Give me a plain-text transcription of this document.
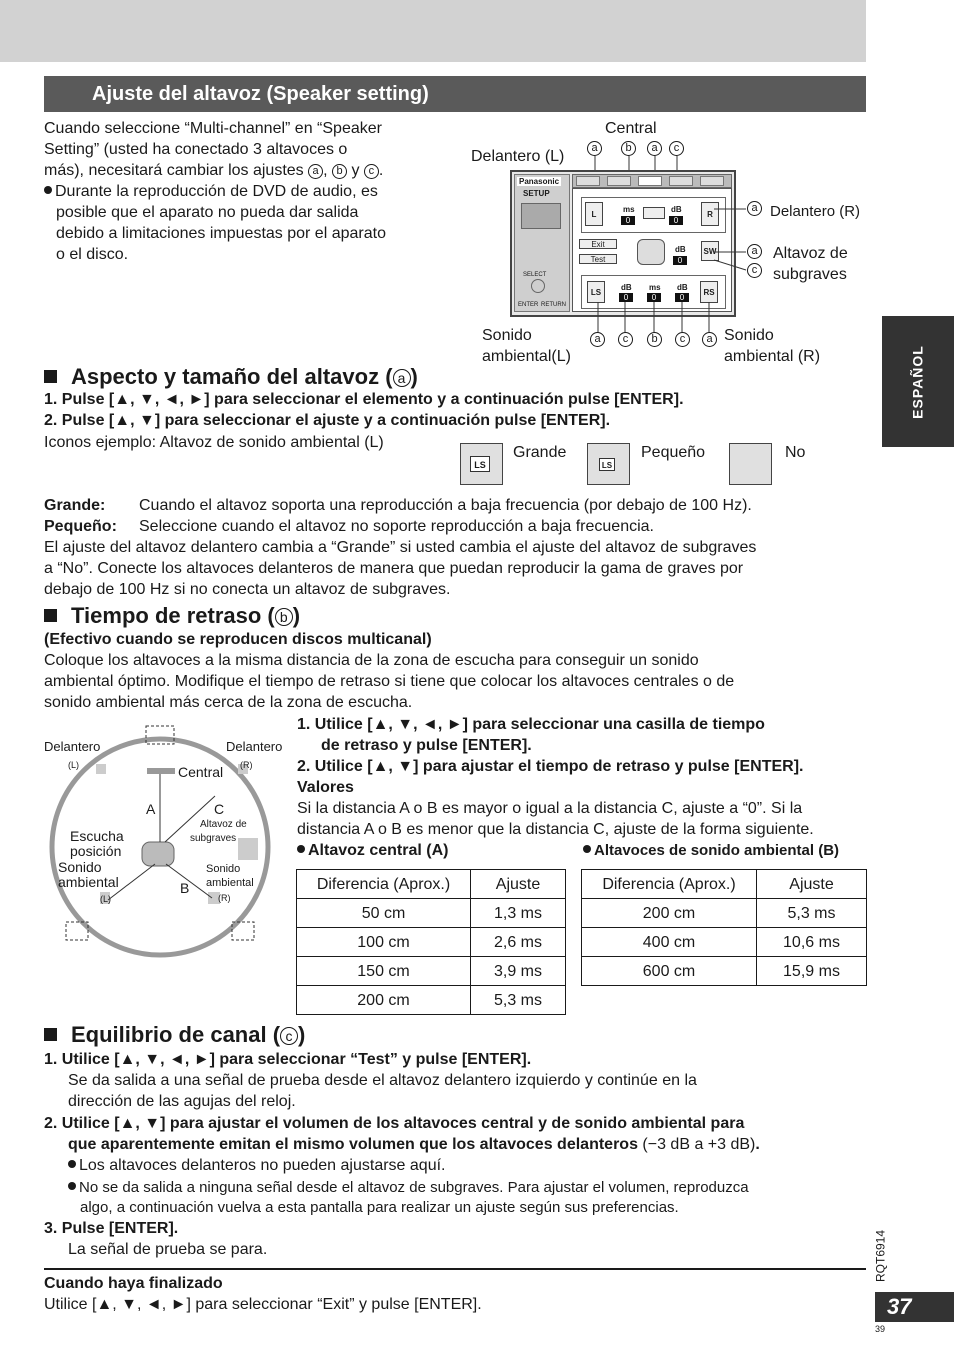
Ajuste del altavoz (Speaker setting)
ESPAÑOL
Cuando seleccione “Multi-channel” en “Speaker
Setting” (usted ha conectado 3 altavoces o
más), necesitará cambiar los ajustes a , b y c .
Durante la reproducción de DVD de audio, es
posible que el aparato no pueda dar salida
debido a limitaciones impuestas por el aparato
o el disco.
Central
Delantero (L)	a	b	a	c
Panasonic
SETUP
SELECT
ENTER RETURN
L
ms
0
dB
0
R
Exit
Test
dB
0
SW
LS
dB
0
ms
0
dB
0
RS
a Delantero (R)
a
c
Altavoz de
subgraves
Sonido
ambiental(L)
a	c	b	c	a Sonido
ambiental (R)
Aspecto y tamaño del altavoz ( a )
1. Pulse [▲, ▼, ◄, ►] para seleccionar el elemento y a continuación pulse [ENTER].
2. Pulse [▲, ▼] para seleccionar el ajuste y a continuación pulse [ENTER].
Iconos ejemplo: Altavoz de sonido ambiental (L)
LS
Grande
LS
Pequeño	No
Grande: Cuando el altavoz soporta una reproducción a baja frecuencia (por debajo de 100 Hz).
Pequeño: Seleccione cuando el altavoz no soporte reproducción a baja frecuencia.
El ajuste del altavoz delantero cambia a “Grande” si usted cambia el ajuste del altavoz de subgraves
a “No”. Conecte los altavoces delanteros de manera que puedan reproducir la gama de graves por
debajo de 100 Hz si no conecta un altavoz de subgraves.
Tiempo de retraso ( b )
(Efectivo cuando se reproducen discos multicanal)
Coloque los altavoces a la misma distancia de la zona de escucha para conseguir un sonido
ambiental óptimo. Modifique el tiempo de retraso si tiene que colocar los altavoces centrales o de
sonido ambiental más cerca de la zona de escucha.
Delantero
(L)
Delantero
(R)
Central
A	C
Altavoz de
subgraves
Escucha
posición
Sonido
ambiental
(L)
Sonido
ambiental
(R)
B
1. Utilice [▲, ▼, ◄, ►] para seleccionar una casilla de tiempo
de retraso y pulse [ENTER].
2. Utilice [▲, ▼] para ajustar el tiempo de retraso y pulse [ENTER].
Valores
Si la distancia A o B es mayor o igual a la distancia C, ajuste a “0”. Si la
distancia A o B es menor que la distancia C, ajuste de la forma siguiente.
Altavoz central (A)	Altavoces de sonido ambiental (B)
Diferencia (Aprox.)	Ajuste
50 cm	1,3 ms
100 cm	2,6 ms
150 cm	3,9 ms
200 cm	5,3 ms
Diferencia (Aprox.)	Ajuste
200 cm	5,3 ms
400 cm	10,6 ms
600 cm	15,9 ms
Equilibrio de canal ( c )
1. Utilice [▲, ▼, ◄, ►] para seleccionar “Test” y pulse [ENTER].
Se da salida a una señal de prueba desde el altavoz delantero izquierdo y continúe en la
dirección de las agujas del reloj.
2. Utilice [▲, ▼] para ajustar el volumen de los altavoces central y de sonido ambiental para
que aparentemente emitan el mismo volumen que los altavoces delanteros (−3 dB a +3 dB).
Los altavoces delanteros no pueden ajustarse aquí.
No se da salida a ninguna señal desde el altavoz de subgraves. Para ajustar el volumen, reproduzca
algo, a continuación vuelva a esta pantalla para realizar un ajuste según sus preferencias.
3. Pulse [ENTER].
La señal de prueba se para.
Cuando haya finalizado
Utilice [▲, ▼, ◄, ►] para seleccionar “Exit” y pulse [ENTER].
RQT6914
37
39
